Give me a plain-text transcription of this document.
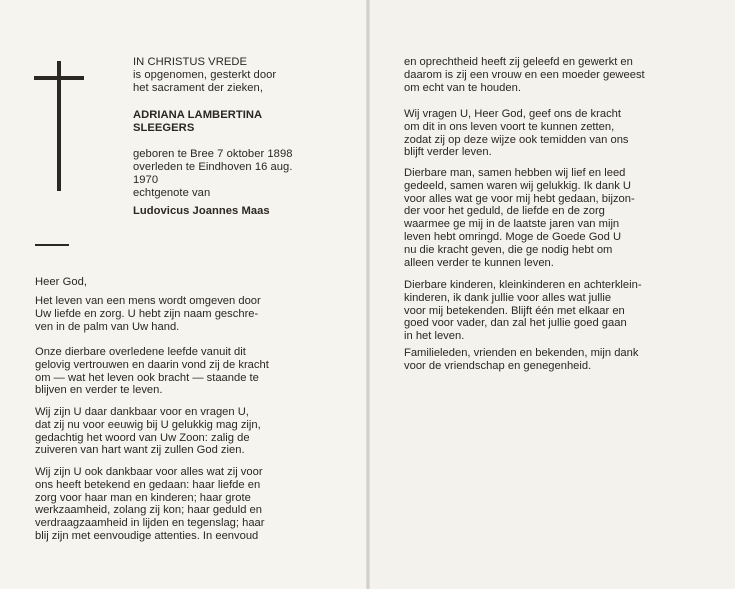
IN CHRISTUS VREDE
is opgenomen, gesterkt door
het sacrament der zieken,
ADRIANA LAMBERTINA
SLEEGERS
geboren te Bree 7 oktober 1898
overleden te Eindhoven 16 aug.
1970
echtgenote van
Ludovicus Joannes Maas
Heer God,
Het leven van een mens wordt omgeven door
Uw liefde en zorg. U hebt zijn naam geschre-
ven in de palm van Uw hand.
Onze dierbare overledene leefde vanuit dit
gelovig vertrouwen en daarin vond zij de kracht
om — wat het leven ook bracht — staande te
blijven en verder te leven.
Wij zijn U daar dankbaar voor en vragen U,
dat zij nu voor eeuwig bij U gelukkig mag zijn,
gedachtig het woord van Uw Zoon: zalig de
zuiveren van hart want zij zullen God zien.
Wij zijn U ook dankbaar voor alles wat zij voor
ons heeft betekend en gedaan: haar liefde en
zorg voor haar man en kinderen; haar grote
werkzaamheid, zolang zij kon; haar geduld en
verdraagzaamheid in lijden en tegenslag; haar
blij zijn met eenvoudige attenties. In eenvoud
en oprechtheid heeft zij geleefd en gewerkt en
daarom is zij een vrouw en een moeder geweest
om echt van te houden.
Wij vragen U, Heer God, geef ons de kracht
om dit in ons leven voort te kunnen zetten,
zodat zij op deze wijze ook temidden van ons
blijft verder leven.
Dierbare man, samen hebben wij lief en leed
gedeeld, samen waren wij gelukkig. Ik dank U
voor alles wat ge voor mij hebt gedaan, bijzon-
der voor het geduld, de liefde en de zorg
waarmee ge mij in de laatste jaren van mijn
leven hebt omringd. Moge de Goede God U
nu die kracht geven, die ge nodig hebt om
alleen verder te kunnen leven.
Dierbare kinderen, kleinkinderen en achterklein-
kinderen, ik dank jullie voor alles wat jullie
voor mij betekenden. Blijft één met elkaar en
goed voor vader, dan zal het jullie goed gaan
in het leven.
Familieleden, vrienden en bekenden, mijn dank
voor de vriendschap en genegenheid.
